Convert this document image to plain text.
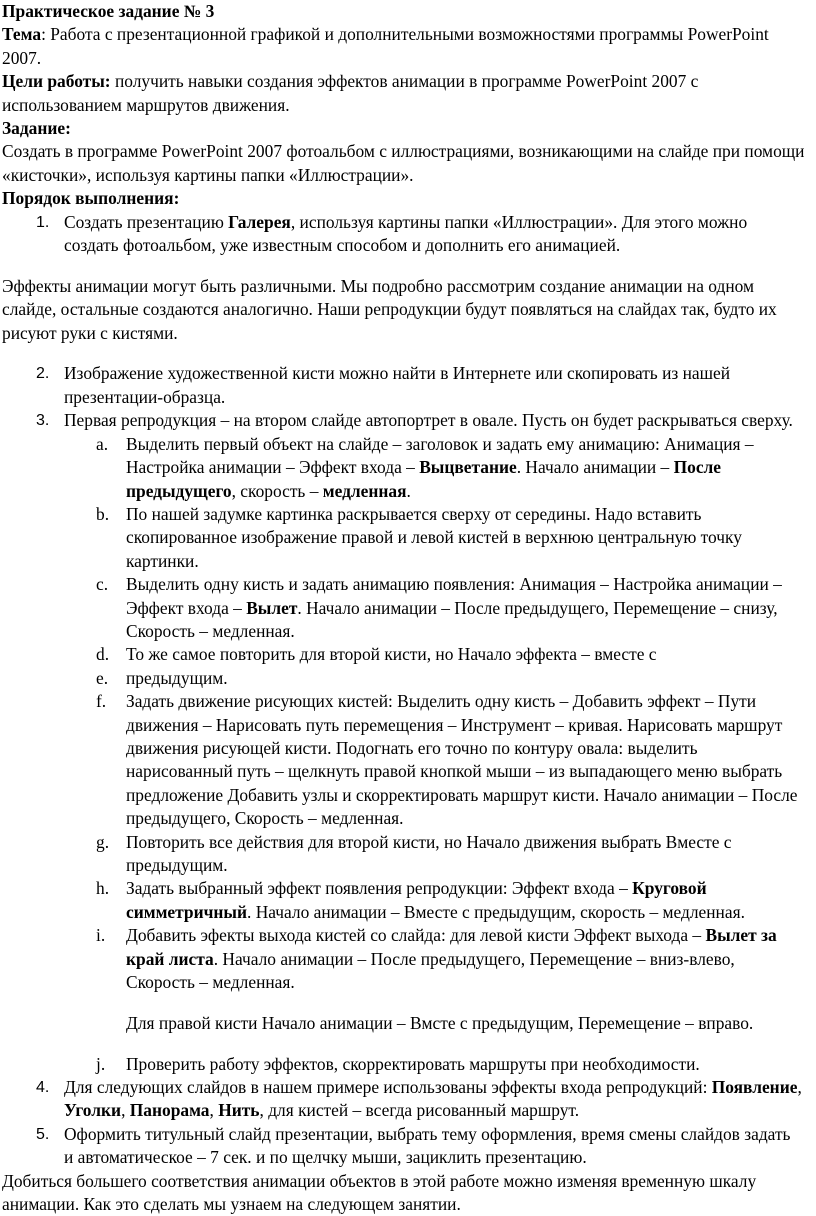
Практическое задание № 3

Тема: Работа с презентационной графикой и дополнительными возможностями программы PowerPoint 2007.

Цели работы: получить навыки создания эффектов анимации в программе PowerPoint 2007 с использованием маршрутов движения.

Задание:

Создать в программе PowerPoint 2007 фотоальбом с иллюстрациями, возникающими на слайде при помощи «кисточки», используя картины папки «Иллюстрации».

Порядок выполнения:

1. Создать презентацию Галерея, используя картины папки «Иллюстрации». Для этого можно создать фотоальбом, уже известным способом и дополнить его анимацией.

Эффекты анимации могут быть различными. Мы подробно рассмотрим создание анимации на одном слайде, остальные создаются аналогично. Наши репродукции будут появляться на слайдах так, будто их рисуют руки с кистями.

2. Изображение художественной кисти можно найти в Интернете или скопировать из нашей презентации-образца.
3. Первая репродукция – на втором слайде автопортрет в овале. Пусть он будет раскрываться сверху.
a. Выделить первый объект на слайде – заголовок и задать ему анимацию: Анимация – Настройка анимации – Эффект входа – Выцветание. Начало анимации – После предыдущего, скорость – медленная.
b. По нашей задумке картинка раскрывается сверху от середины. Надо вставить скопированное изображение правой и левой кистей в верхнюю центральную точку картинки.
c. Выделить одну кисть и задать анимацию появления: Анимация – Настройка анимации – Эффект входа – Вылет. Начало анимации – После предыдущего, Перемещение – снизу, Скорость – медленная.
d. То же самое повторить для второй кисти, но Начало эффекта – вместе с
e. предыдущим.
f. Задать движение рисующих кистей: Выделить одну кисть – Добавить эффект – Пути движения – Нарисовать путь перемещения – Инструмент – кривая. Нарисовать маршрут движения рисующей кисти. Подогнать его точно по контуру овала: выделить нарисованный путь – щелкнуть правой кнопкой мыши – из выпадающего меню выбрать предложение Добавить узлы и скорректировать маршрут кисти. Начало анимации – После предыдущего, Скорость – медленная.
g. Повторить все действия для второй кисти, но Начало движения выбрать Вместе с предыдущим.
h. Задать выбранный эффект появления репродукции: Эффект входа – Круговой симметричный. Начало анимации – Вместе с предыдущим, скорость – медленная.
i. Добавить эфекты выхода кистей со слайда: для левой кисти Эффект выхода – Вылет за край листа. Начало анимации – После предыдущего, Перемещение – вниз-влево, Скорость – медленная.

Для правой кисти Начало анимации – Вмсте с предыдущим, Перемещение – вправо.

j. Проверить работу эффектов, скорректировать маршруты при необходимости.
4. Для следующих слайдов в нашем примере использованы эффекты входа репродукций: Появление, Уголки, Панорама, Нить, для кистей – всегда рисованный маршрут.
5. Оформить титульный слайд презентации, выбрать тему оформления, время смены слайдов задать и автоматическое – 7 сек. и по щелчку мыши, зациклить презентацию.

Добиться большего соответствия анимации объектов в этой работе можно изменяя временную шкалу анимации. Как это сделать мы узнаем на следующем занятии.
